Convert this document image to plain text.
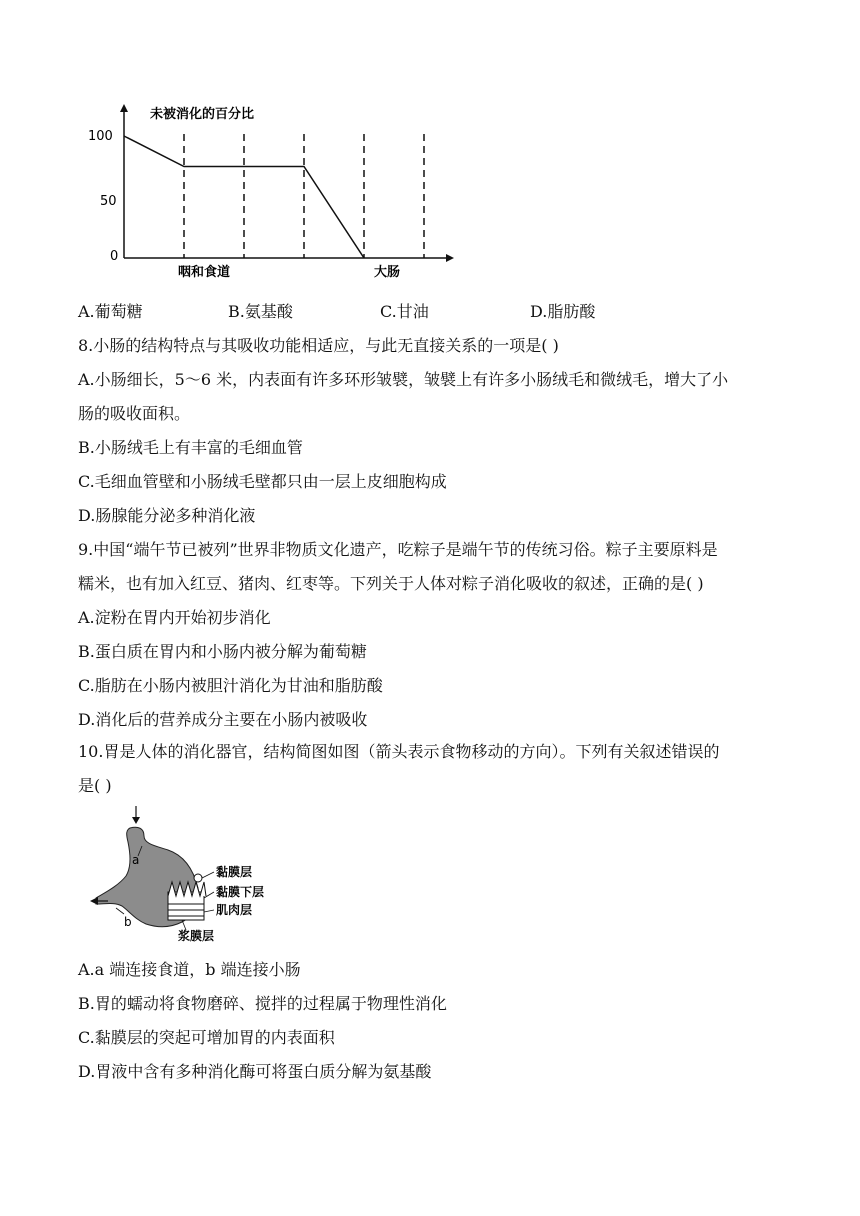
未被消化的百分比
100
50
0
咽和食道	大肠
A.葡萄糖	B.氨基酸	C.甘油	D.脂肪酸
8.小肠的结构特点与其吸收功能相适应，与此无直接关系的一项是( )
A.小肠细长，5～6 米，内表面有许多环形皱襞，皱襞上有许多小肠绒毛和微绒毛，增大了小
肠的吸收面积。
B.小肠绒毛上有丰富的毛细血管
C.毛细血管壁和小肠绒毛壁都只由一层上皮细胞构成
D.肠腺能分泌多种消化液
9.中国“端午节已被列”世界非物质文化遗产，吃粽子是端午节的传统习俗。粽子主要原料是
糯米，也有加入红豆、猪肉、红枣等。下列关于人体对粽子消化吸收的叙述，正确的是( )
A.淀粉在胃内开始初步消化
B.蛋白质在胃内和小肠内被分解为葡萄糖
C.脂肪在小肠内被胆汁消化为甘油和脂肪酸
D.消化后的营养成分主要在小肠内被吸收
10.胃是人体的消化器官，结构简图如图（箭头表示食物移动的方向）。下列有关叙述错误的
是( )
a
b
黏膜层
黏膜下层
肌肉层
浆膜层
A.a 端连接食道，b 端连接小肠
B.胃的蠕动将食物磨碎、搅拌的过程属于物理性消化
C.黏膜层的突起可增加胃的内表面积
D.胃液中含有多种消化酶可将蛋白质分解为氨基酸
